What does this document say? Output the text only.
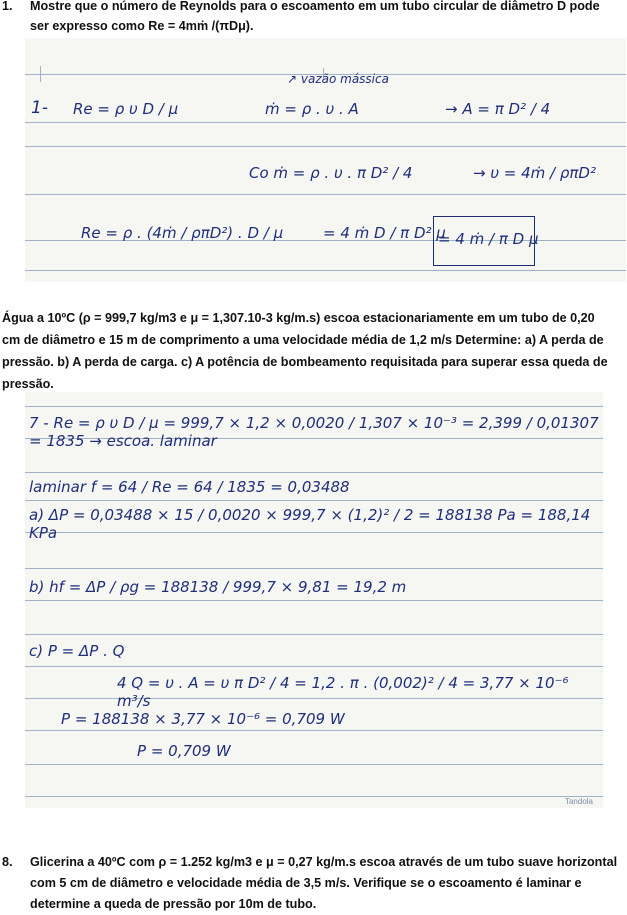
1. Mostre que o número de Reynolds para o escoamento em um tubo circular de diâmetro D pode ser expresso como Re = 4mṁ /(πDμ).
↗ vazão mássica
1- Re = ρ υ D / μ	ṁ = ρ . υ . A	→ A = π D² / 4
Co ṁ = ρ . υ . π D² / 4	→ υ = 4ṁ / ρπD²
Re = ρ . (4ṁ / ρπD²) . D / μ	= 4 ṁ D / π D² μ
= 4 ṁ / π D μ
Água a 10ºC (ρ = 999,7 kg/m3 e μ = 1,307.10-3 kg/m.s) escoa estacionariamente em um tubo de 0,20 cm de diâmetro e 15 m de comprimento a uma velocidade média de 1,2 m/s Determine: a) A perda de pressão. b) A perda de carga. c) A potência de bombeamento requisitada para superar essa queda de pressão.
7 - Re = ρ υ D / μ = 999,7 × 1,2 × 0,0020 / 1,307 × 10⁻³ = 2,399 / 0,01307 = 1835 → escoa. laminar
laminar f = 64 / Re = 64 / 1835 = 0,03488
a) ΔP = 0,03488 × 15 / 0,0020 × 999,7 × (1,2)² / 2 = 188138 Pa = 188,14 KPa
b) hf = ΔP / ρg = 188138 / 999,7 × 9,81 = 19,2 m
c) P = ΔP . Q
4 Q = υ . A = υ π D² / 4 = 1,2 . π . (0,002)² / 4 = 3,77 × 10⁻⁶ m³/s
P = 188138 × 3,77 × 10⁻⁶ = 0,709 W
P = 0,709 W
Tandola
8. Glicerina a 40ºC com ρ = 1.252 kg/m3 e μ = 0,27 kg/m.s escoa através de um tubo suave horizontal com 5 cm de diâmetro e velocidade média de 3,5 m/s. Verifique se o escoamento é laminar e determine a queda de pressão por 10m de tubo.
